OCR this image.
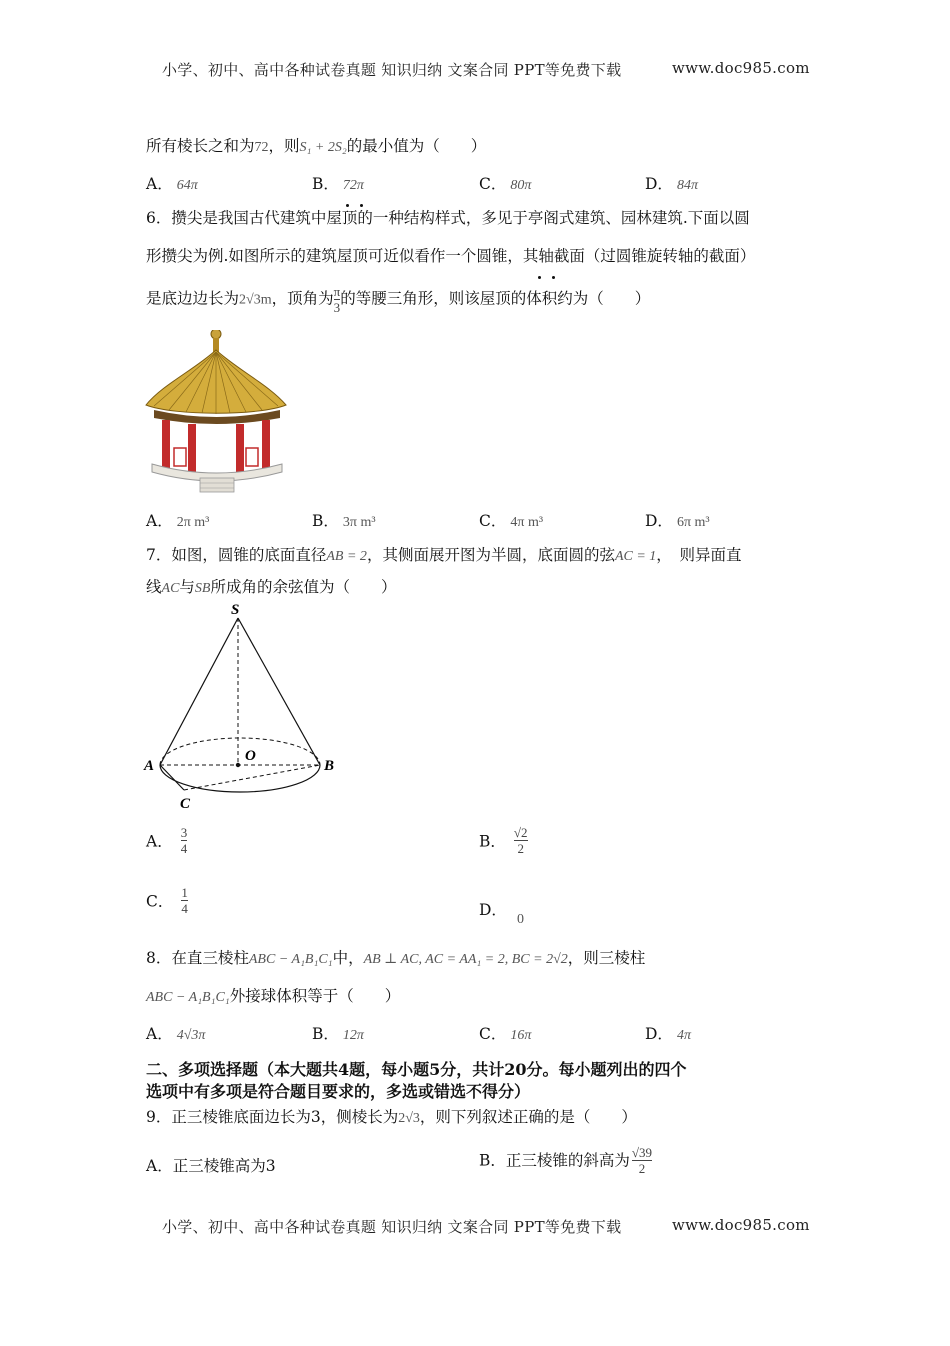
小学、初中、高中各种试卷真题 知识归纳 文案合同 PPT等免费下载	www.doc985.com
所有棱长之和为72，则S₁ + 2S₂的最小值为（　　）
A． 64π	B． 72π	C． 80π	D． 84π
6．攒尖是我国古代建筑中屋顶的一种结构样式，多见于亭阁式建筑、园林建筑.下面以圆
形攒尖为例.如图所示的建筑屋顶可近似看作一个圆锥，其轴截面（过圆锥旋转轴的截面）
是底边边长为2√3m，顶角为 $\frac{\pi}{3}$ 的等腰三角形，则该屋顶的体积约为（　　）
A． 2π m³	B． 3π m³	C． 4π m³	D． 6π m³
7．如图，圆锥的底面直径AB = 2，其侧面展开图为半圆，底面圆的弦AC = 1，　则异面直
线AC与SB所成角的余弦值为（　　）
S
O
A	B
C
A． $\frac{3}{4}$	B． $\frac{√2}{2}$
C． $\frac{1}{4}$	D．0
8．在直三棱柱ABC − A₁B₁C₁中，AB ⊥ AC, AC = AA₁ = 2, BC = 2√2，则三棱柱
ABC − A₁B₁C₁外接球体积等于（　　）
A． 4√3π	B． 12π	C． 16π	D． 4π
二、多项选择题（本大题共4题，每小题5分，共计20分。每小题列出的四个
选项中有多项是符合题目要求的，多选或错选不得分）
9．正三棱锥底面边长为3，侧棱长为2√3，则下列叙述正确的是（　　）
A．正三棱锥高为3	B．正三棱锥的斜高为 $\frac{√39}{2}$
小学、初中、高中各种试卷真题 知识归纳 文案合同 PPT等免费下载	www.doc985.com
